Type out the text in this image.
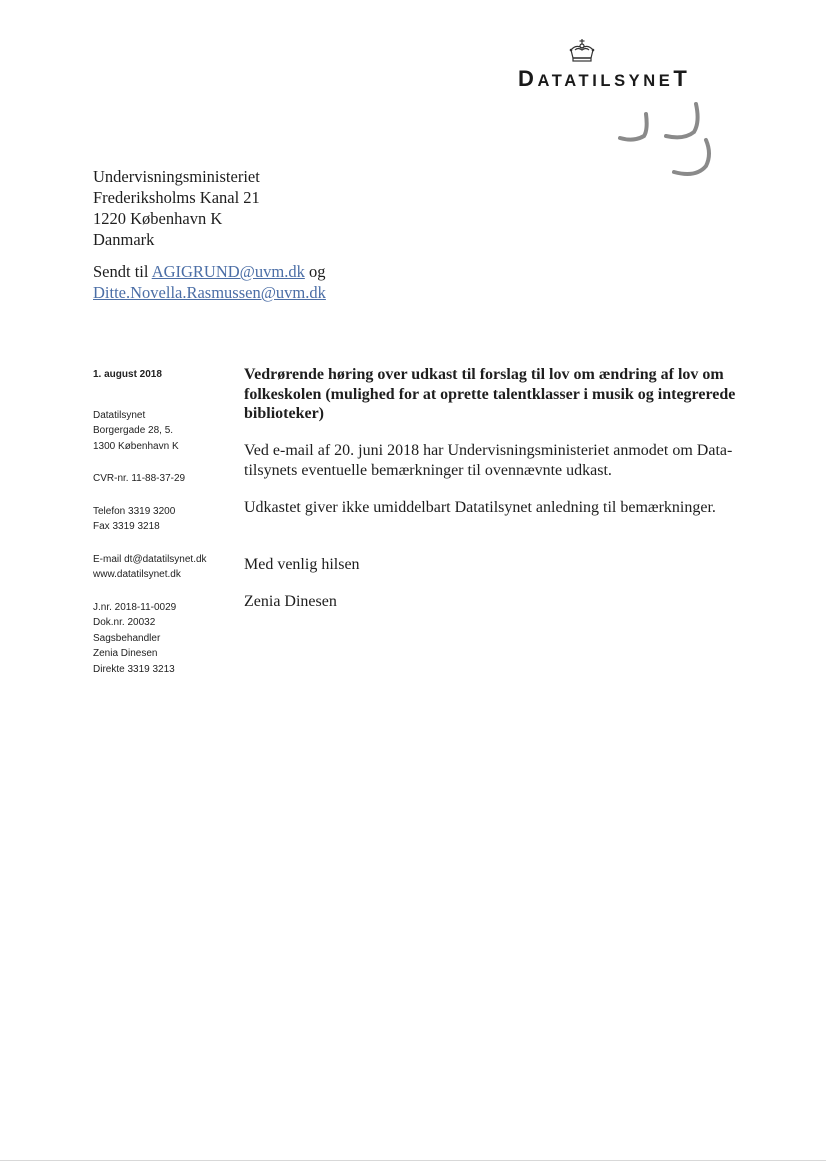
DATATILSYNET
Undervisningsministeriet
Frederiksholms Kanal 21
1220 København K
Danmark
Sendt til AGIGRUND@uvm.dk og
Ditte.Novella.Rasmussen@uvm.dk
1. august 2018
Datatilsynet
Borgergade 28, 5.
1300 København K
CVR-nr. 11-88-37-29
Telefon 3319 3200
Fax 3319 3218
E-mail dt@datatilsynet.dk
www.datatilsynet.dk
J.nr. 2018-11-0029
Dok.nr. 20032
Sagsbehandler
Zenia Dinesen
Direkte 3319 3213

Vedrørende høring over udkast til forslag til lov om ændring af lov om folkeskolen (mulighed for at oprette talentklasser i musik og integrerede biblioteker)

Ved e-mail af 20. juni 2018 har Undervisningsministeriet anmodet om Data-
tilsynets eventuelle bemærkninger til ovennævnte udkast.

Udkastet giver ikke umiddelbart Datatilsynet anledning til bemærkninger.

Med venlig hilsen

Zenia Dinesen
